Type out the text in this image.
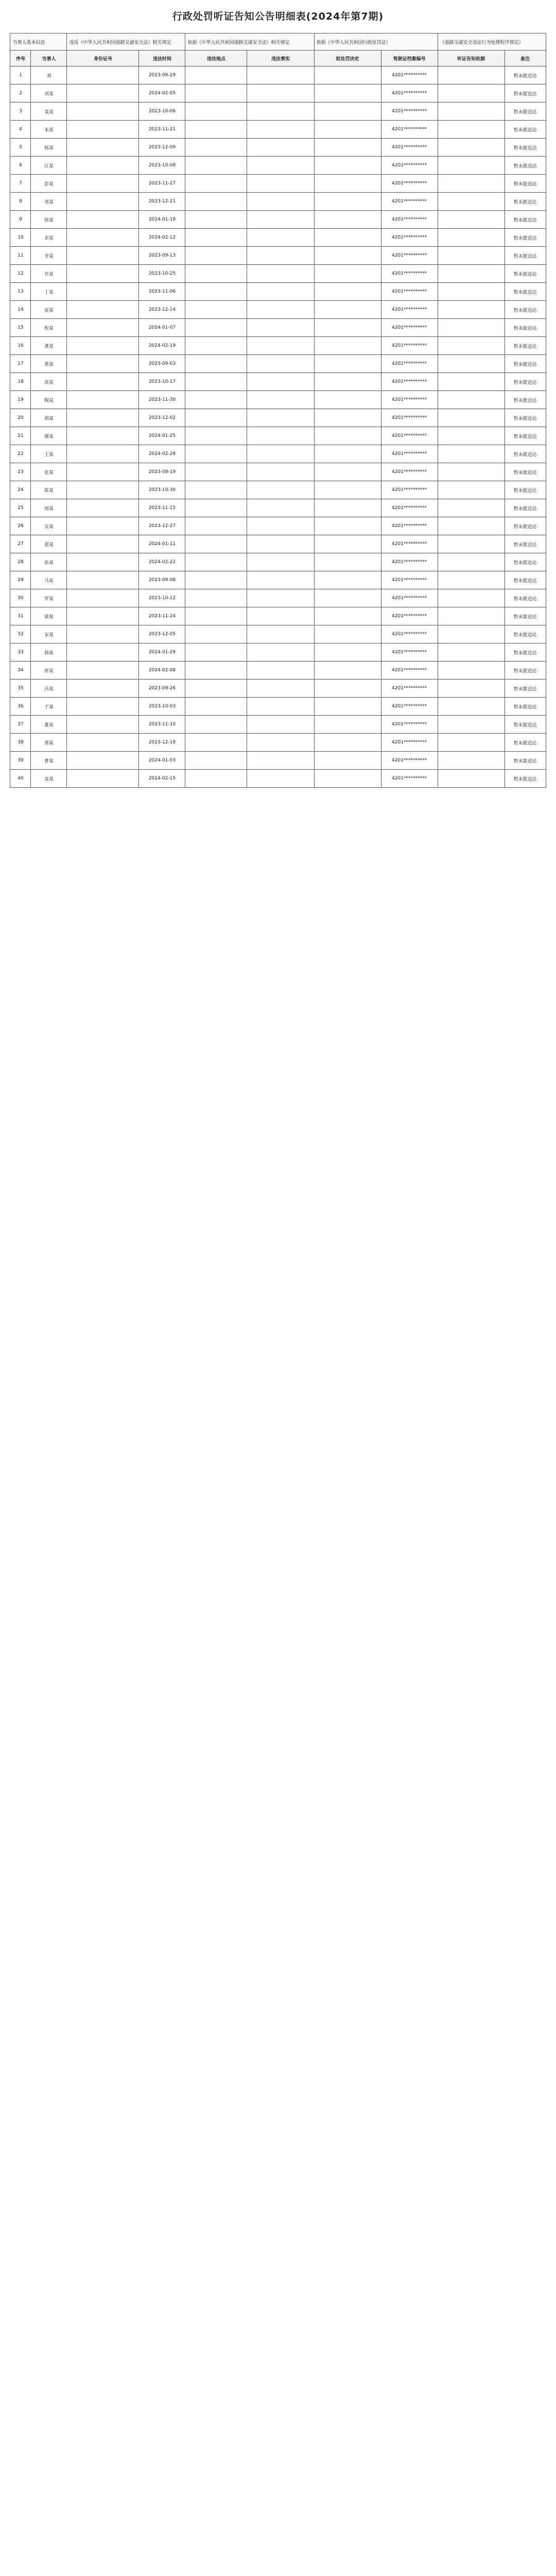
行政处罚听证告知公告明细表(2024年第7期)
当事人基本信息		违反《中华人民共和国道路交通安全法》相关规定		依据《中华人民共和国道路交通安全法》相关规定		依据《中华人民共和国行政处罚法》		《道路交通安全违法行为处理程序规定》	
序号	当事人	身份证号	违法时间	违法地点	违法事实	拟处罚决定	驾驶证档案编号	听证告知依据	备注
1	刘		2023-09-29				4201**********		暂未能送达
2	刘某		2024-02-05				4201**********		暂未能送达
3	袁某		2023-10-06				4201**********		暂未能送达
4	朱某		2023-11-21				4201**********		暂未能送达
5	杨某		2023-12-09				4201**********		暂未能送达
6	江某		2023-10-08				4201**********		暂未能送达
7	彭某		2023-11-27				4201**********		暂未能送达
8	邓某		2023-12-21				4201**********		暂未能送达
9	徐某		2024-01-18				4201**********		暂未能送达
10	余某		2024-02-12				4201**********		暂未能送达
11	李某		2023-09-13				4201**********		暂未能送达
12	肖某		2023-10-25				4201**********		暂未能送达
13	丁某		2023-11-06				4201**********		暂未能送达
14	雷某		2023-12-14				4201**********		暂未能送达
15	程某		2024-01-07				4201**********		暂未能送达
16	龚某		2024-02-19				4201**********		暂未能送达
17	黄某		2023-09-03				4201**********		暂未能送达
18	高某		2023-10-17				4201**********		暂未能送达
19	陶某		2023-11-30				4201**********		暂未能送达
20	胡某		2023-12-02				4201**********		暂未能送达
21	谢某		2024-01-25				4201**********		暂未能送达
22	王某		2024-02-28				4201**********		暂未能送达
23	张某		2023-09-19				4201**********		暂未能送达
24	陈某		2023-10-30				4201**********		暂未能送达
25	周某		2023-11-15				4201**********		暂未能送达
26	吴某		2023-12-27				4201**********		暂未能送达
27	郑某		2024-01-11				4201**********		暂未能送达
28	孙某		2024-02-22				4201**********		暂未能送达
29	马某		2023-09-08				4201**********		暂未能送达
30	罗某		2023-10-12				4201**********		暂未能送达
31	梁某		2023-11-24				4201**********		暂未能送达
32	宋某		2023-12-05				4201**********		暂未能送达
33	韩某		2024-01-29				4201**********		暂未能送达
34	唐某		2024-02-08				4201**********		暂未能送达
35	冯某		2023-09-26				4201**********		暂未能送达
36	于某		2023-10-03				4201**********		暂未能送达
37	董某		2023-11-10				4201**********		暂未能送达
38	萧某		2023-12-18				4201**********		暂未能送达
39	曹某		2024-01-03				4201**********		暂未能送达
40	袁某		2024-02-15				4201**********		暂未能送达
